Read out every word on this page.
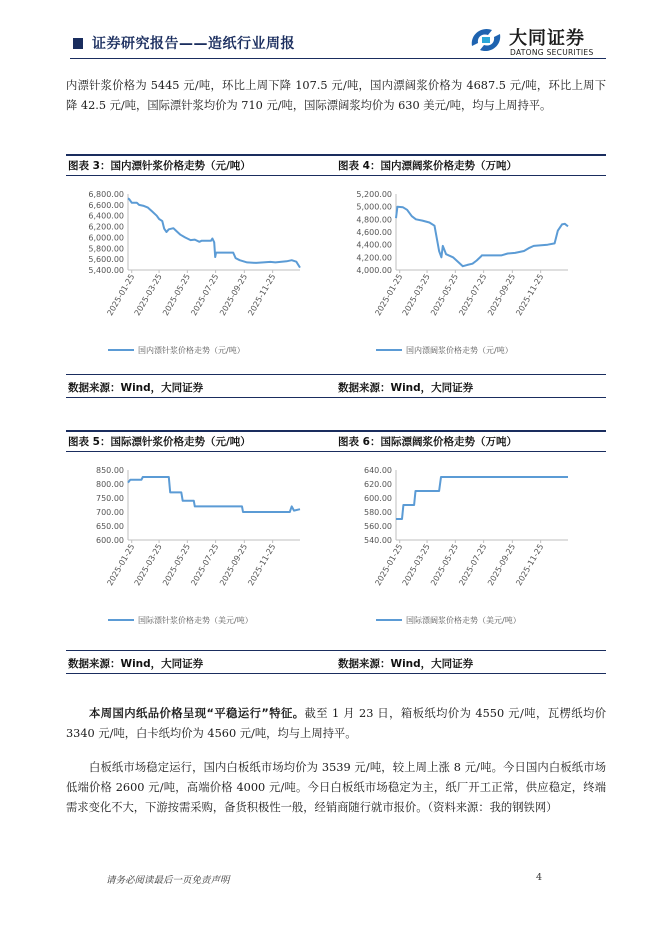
证券研究报告——造纸行业周报	大同证券
DATONG SECURITIES
内漂针浆价格为 5445 元/吨，环比上周下降 107.5 元/吨，国内漂阔浆价格为 4687.5 元/吨，环比上周下降 42.5 元/吨，国际漂针浆均价为 710 元/吨，国际漂阔浆均价为 630 美元/吨，均与上周持平。
图表 3：国内漂针浆价格走势（元/吨）	图表 4：国内漂阔浆价格走势（万吨）
6,800.00
6,600.00
6,400.00
6,200.00
6,000.00
5,800.00
5,600.00
5,400.00
2025-01-25
2025-03-25
2025-05-25
2025-07-25
2025-09-25
2025-11-25
国内漂针浆价格走势（元/吨）
5,200.00
5,000.00
4,800.00
4,600.00
4,400.00
4,200.00
4,000.00
2025-01-25
2025-03-25
2025-05-25
2025-07-25
2025-09-25
2025-11-25
国内漂阔浆价格走势（元/吨）
数据来源：Wind，大同证券	数据来源：Wind，大同证券
图表 5：国际漂针浆价格走势（元/吨）	图表 6：国际漂阔浆价格走势（万吨）
850.00
800.00
750.00
700.00
650.00
600.00
2025-01-25
2025-03-25
2025-05-25
2025-07-25
2025-09-25
2025-11-25
国际漂针浆价格走势（美元/吨）
640.00
620.00
600.00
580.00
560.00
540.00
2025-01-25
2025-03-25
2025-05-25
2025-07-25
2025-09-25
2025-11-25
国际漂阔浆价格走势（美元/吨）
数据来源：Wind，大同证券	数据来源：Wind，大同证券
本周国内纸品价格呈现“平稳运行”特征。截至 1 月 23 日，箱板纸均价为 4550 元/吨，瓦楞纸均价 3340 元/吨，白卡纸均价为 4560 元/吨，均与上周持平。
白板纸市场稳定运行，国内白板纸市场均价为 3539 元/吨，较上周上涨 8 元/吨。今日国内白板纸市场低端价格 2600 元/吨，高端价格 4000 元/吨。今日白板纸市场稳定为主，纸厂开工正常，供应稳定，终端需求变化不大，下游按需采购，备货积极性一般，经销商随行就市报价。（资料来源：我的钢铁网）
请务必阅读最后一页免责声明	4
